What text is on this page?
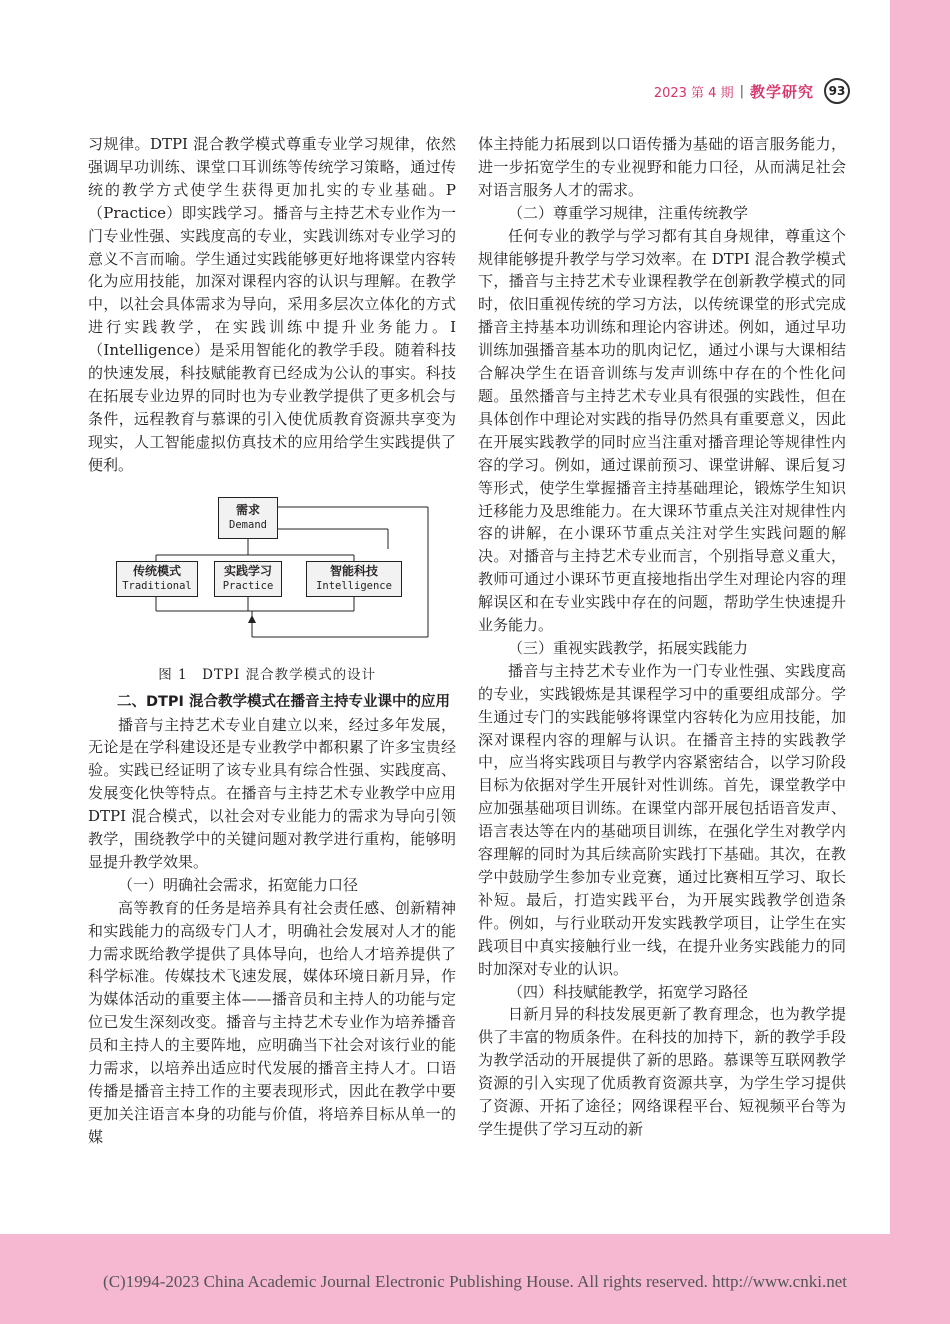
2023 第 4 期 | 教学研究	93

习规律。DTPI 混合教学模式尊重专业学习规律，依然强调早功训练、课堂口耳训练等传统学习策略，通过传统的教学方式使学生获得更加扎实的专业基础。P（Practice）即实践学习。播音与主持艺术专业作为一门专业性强、实践度高的专业，实践训练对专业学习的意义不言而喻。学生通过实践能够更好地将课堂内容转化为应用技能，加深对课程内容的认识与理解。在教学中，以社会具体需求为导向，采用多层次立体化的方式进行实践教学，在实践训练中提升业务能力。I（Intelligence）是采用智能化的教学手段。随着科技的快速发展，科技赋能教育已经成为公认的事实。科技在拓展专业边界的同时也为专业教学提供了更多机会与条件，远程教育与慕课的引入使优质教育资源共享变为现实，人工智能虚拟仿真技术的应用给学生实践提供了便利。

需求
Demand
传统模式
Traditional
实践学习
Practice
智能科技
Intelligence
图 1　DTPI 混合教学模式的设计

二、DTPI 混合教学模式在播音主持专业课中的应用

播音与主持艺术专业自建立以来，经过多年发展，无论是在学科建设还是专业教学中都积累了许多宝贵经验。实践已经证明了该专业具有综合性强、实践度高、发展变化快等特点。在播音与主持艺术专业教学中应用 DTPI 混合模式，以社会对专业能力的需求为导向引领教学，围绕教学中的关键问题对教学进行重构，能够明显提升教学效果。

（一）明确社会需求，拓宽能力口径

高等教育的任务是培养具有社会责任感、创新精神和实践能力的高级专门人才，明确社会发展对人才的能力需求既给教学提供了具体导向，也给人才培养提供了科学标准。传媒技术飞速发展，媒体环境日新月异，作为媒体活动的重要主体——播音员和主持人的功能与定位已发生深刻改变。播音与主持艺术专业作为培养播音员和主持人的主要阵地，应明确当下社会对该行业的能力需求，以培养出适应时代发展的播音主持人才。口语传播是播音主持工作的主要表现形式，因此在教学中要更加关注语言本身的功能与价值，将培养目标从单一的媒

体主持能力拓展到以口语传播为基础的语言服务能力，进一步拓宽学生的专业视野和能力口径，从而满足社会对语言服务人才的需求。

（二）尊重学习规律，注重传统教学

任何专业的教学与学习都有其自身规律，尊重这个规律能够提升教学与学习效率。在 DTPI 混合教学模式下，播音与主持艺术专业课程教学在创新教学模式的同时，依旧重视传统的学习方法，以传统课堂的形式完成播音主持基本功训练和理论内容讲述。例如，通过早功训练加强播音基本功的肌肉记忆，通过小课与大课相结合解决学生在语音训练与发声训练中存在的个性化问题。虽然播音与主持艺术专业具有很强的实践性，但在具体创作中理论对实践的指导仍然具有重要意义，因此在开展实践教学的同时应当注重对播音理论等规律性内容的学习。例如，通过课前预习、课堂讲解、课后复习等形式，使学生掌握播音主持基础理论，锻炼学生知识迁移能力及思维能力。在大课环节重点关注对规律性内容的讲解，在小课环节重点关注对学生实践问题的解决。对播音与主持艺术专业而言，个别指导意义重大，教师可通过小课环节更直接地指出学生对理论内容的理解误区和在专业实践中存在的问题，帮助学生快速提升业务能力。

（三）重视实践教学，拓展实践能力

播音与主持艺术专业作为一门专业性强、实践度高的专业，实践锻炼是其课程学习中的重要组成部分。学生通过专门的实践能够将课堂内容转化为应用技能，加深对课程内容的理解与认识。在播音主持的实践教学中，应当将实践项目与教学内容紧密结合，以学习阶段目标为依据对学生开展针对性训练。首先，课堂教学中应加强基础项目训练。在课堂内部开展包括语音发声、语言表达等在内的基础项目训练，在强化学生对教学内容理解的同时为其后续高阶实践打下基础。其次，在教学中鼓励学生参加专业竞赛，通过比赛相互学习、取长补短。最后，打造实践平台，为开展实践教学创造条件。例如，与行业联动开发实践教学项目，让学生在实践项目中真实接触行业一线，在提升业务实践能力的同时加深对专业的认识。

（四）科技赋能教学，拓宽学习路径

日新月异的科技发展更新了教育理念，也为教学提供了丰富的物质条件。在科技的加持下，新的教学手段为教学活动的开展提供了新的思路。慕课等互联网教学资源的引入实现了优质教育资源共享，为学生学习提供了资源、开拓了途径；网络课程平台、短视频平台等为学生提供了学习互动的新

(C)1994-2023 China Academic Journal Electronic Publishing House. All rights reserved. http://www.cnki.net
